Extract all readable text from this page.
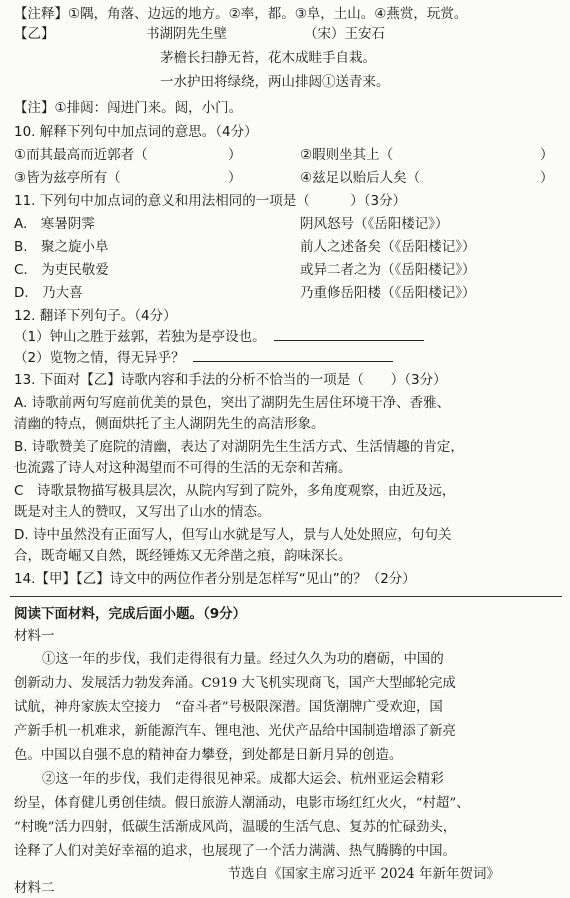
【注释】①隅，角落、边远的地方。②率，都。③阜，土山。④燕赏，玩赏。
【乙】	书湖阴先生壁	（宋）王安石
茅檐长扫静无苔，花木成畦手自栽。
一水护田将绿绕，两山排闼①送青来。
【注】①排闼：闯进门来。闼，小门。
10. 解释下列句中加点词的意思。（4分）
①而其最高而近郭者（	）	②暇则坐其上（	）
③皆为兹亭所有（	）	④兹足以贻后人矣（	）
11. 下列句中加点词的意义和用法相同的一项是（　　　）（3分）
A.　寒暑阴霁	阴风怒号（《岳阳楼记》）
B.　聚之旋小阜	前人之述备矣（《岳阳楼记》）
C.　为吏民敬爱	或异二者之为（《岳阳楼记》）
D.　乃大喜	乃重修岳阳楼（《岳阳楼记》）
12. 翻译下列句子。（4分）
（1）钟山之胜于兹郭，若独为是亭设也。
（2）览物之情，得无异乎？
13. 下面对【乙】诗歌内容和手法的分析不恰当的一项是（　　）（3分）
A. 诗歌前两句写庭前优美的景色，突出了湖阴先生居住环境干净、香雅、
清幽的特点，侧面烘托了主人湖阴先生的高洁形象。
B. 诗歌赞美了庭院的清幽，表达了对湖阴先生生活方式、生活情趣的肯定，
也流露了诗人对这种渴望而不可得的生活的无奈和苦痛。
C　诗歌景物描写极具层次，从院内写到了院外，多角度观察，由近及远，
既是对主人的赞叹，又写出了山水的情态。
D. 诗中虽然没有正面写人，但写山水就是写人，景与人处处照应，句句关
合，既奇崛又自然，既经锤炼又无斧凿之痕，韵味深长。
14.【甲】【乙】诗文中的两位作者分别是怎样写“见山”的？（2分）
阅读下面材料，完成后面小题。（9分）
材料一
①这一年的步伐，我们走得很有力量。经过久久为功的磨砺，中国的
创新动力、发展活力勃发奔涌。C919 大飞机实现商飞，国产大型邮轮完成
试航，神舟家族太空接力　“奋斗者”号极限深潜。国货潮牌广受欢迎，国
产新手机一机难求，新能源汽车、锂电池、光伏产品给中国制造增添了新亮
色。中国以自强不息的精神奋力攀登，到处都是日新月异的创造。
②这一年的步伐，我们走得很见神采。成都大运会、杭州亚运会精彩
纷呈，体育健儿勇创佳绩。假日旅游人潮涌动，电影市场红红火火，“村超”、
“村晚”活力四射，低碳生活渐成风尚，温暖的生活气息、复苏的忙碌劲头，
诠释了人们对美好幸福的追求，也展现了一个活力满满、热气腾腾的中国。
节选自《国家主席习近平 2024 年新年贺词》
材料二
